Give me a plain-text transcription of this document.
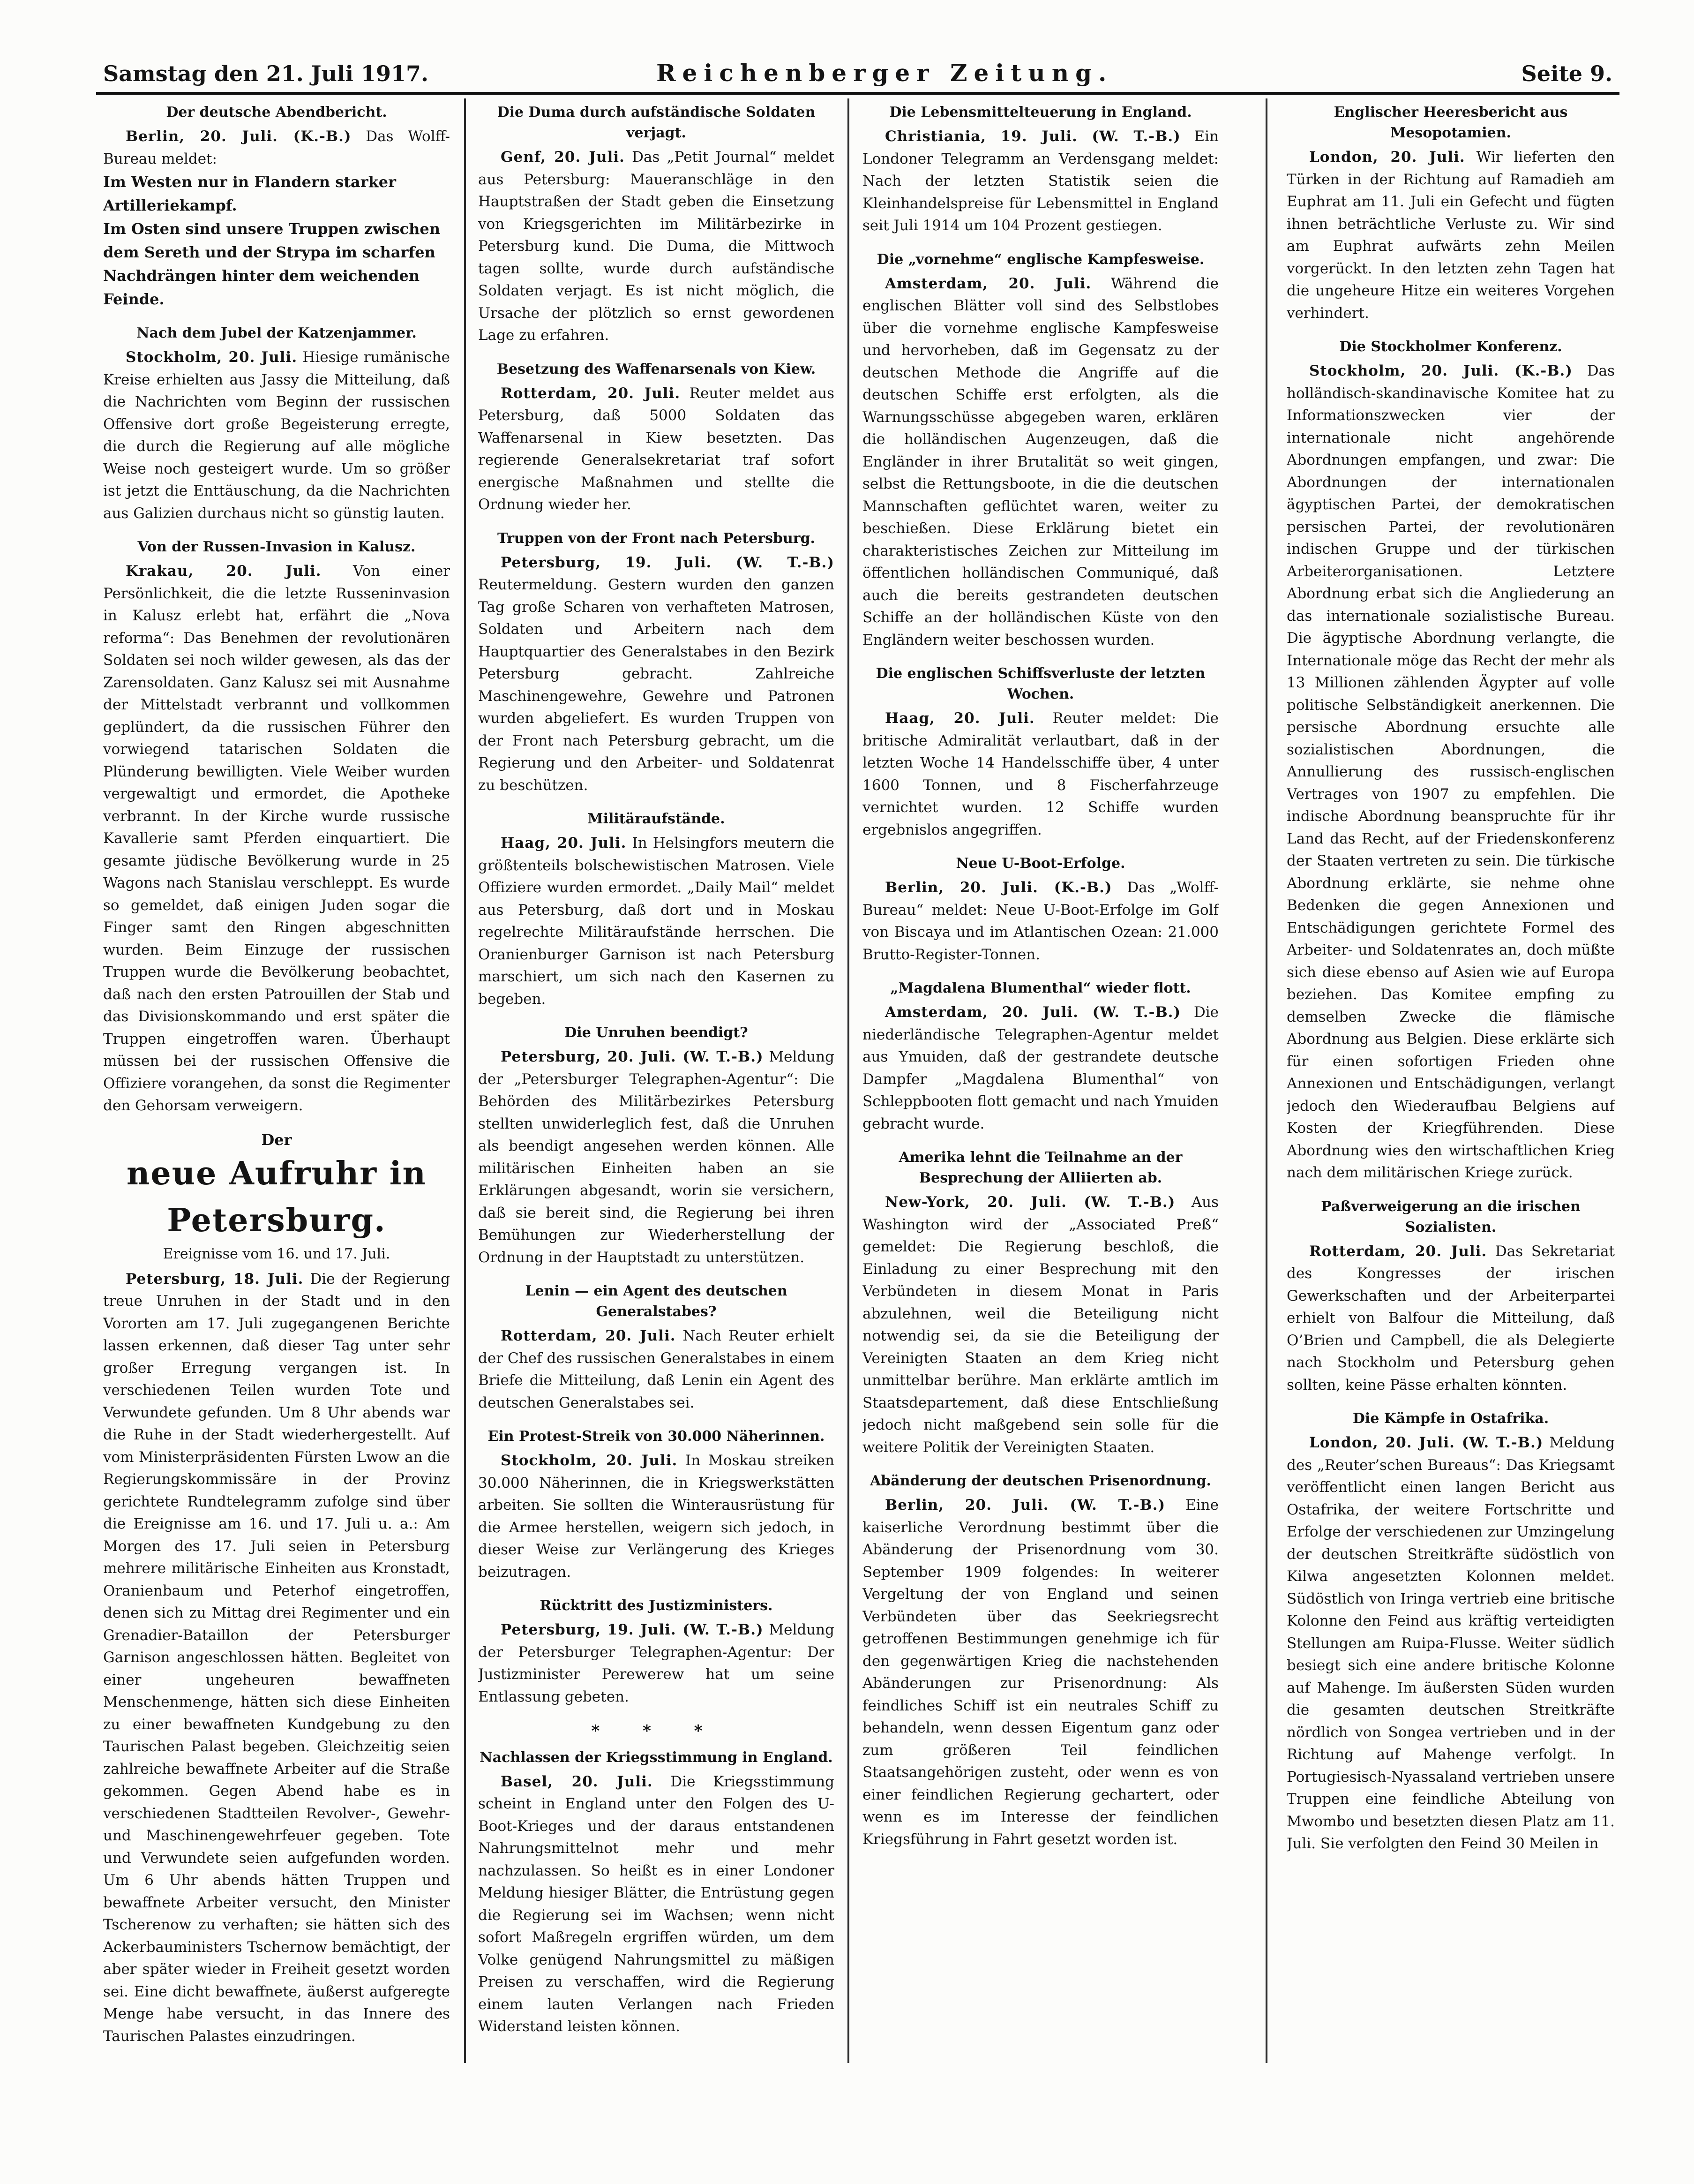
Samstag den 21. Juli 1917.	Reichenberger Zeitung.	Seite 9.
Der deutsche Abendbericht.

Berlin, 20. Juli. (K.-B.) Das Wolff-Bureau meldet:

Im Westen nur in Flandern starker Artilleriekampf.

Im Osten sind unsere Truppen zwischen dem Sereth und der Strypa im scharfen Nachdrängen hinter dem weichenden Feinde.

Nach dem Jubel der Katzenjammer.

Stockholm, 20. Juli. Hiesige rumänische Kreise erhielten aus Jassy die Mitteilung, daß die Nachrichten vom Beginn der russischen Offensive dort große Begeisterung erregte, die durch die Regierung auf alle mögliche Weise noch gesteigert wurde. Um so größer ist jetzt die Enttäuschung, da die Nachrichten aus Galizien durchaus nicht so günstig lauten.

Von der Russen-Invasion in Kalusz.

Krakau, 20. Juli. Von einer Persönlichkeit, die die letzte Russeninvasion in Kalusz erlebt hat, erfährt die „Nova reforma“: Das Benehmen der revolutionären Soldaten sei noch wilder gewesen, als das der Zarensoldaten. Ganz Kalusz sei mit Ausnahme der Mittelstadt verbrannt und vollkommen geplündert, da die russischen Führer den vorwiegend tatarischen Soldaten die Plünderung bewilligten. Viele Weiber wurden vergewaltigt und ermordet, die Apotheke verbrannt. In der Kirche wurde russische Kavallerie samt Pferden einquartiert. Die gesamte jüdische Bevölkerung wurde in 25 Wagons nach Stanislau verschleppt. Es wurde so gemeldet, daß einigen Juden sogar die Finger samt den Ringen abgeschnitten wurden. Beim Einzuge der russischen Truppen wurde die Bevölkerung beobachtet, daß nach den ersten Patrouillen der Stab und das Divisionskommando und erst später die Truppen eingetroffen waren. Überhaupt müssen bei der russischen Offensive die Offiziere vorangehen, da sonst die Regimenter den Gehorsam verweigern.

Der
neue Aufruhr in Petersburg.
Ereignisse vom 16. und 17. Juli.

Petersburg, 18. Juli. Die der Regierung treue Unruhen in der Stadt und in den Vororten am 17. Juli zugegangenen Berichte lassen erkennen, daß dieser Tag unter sehr großer Erregung vergangen ist. In verschiedenen Teilen wurden Tote und Verwundete gefunden. Um 8 Uhr abends war die Ruhe in der Stadt wiederhergestellt. Auf vom Ministerpräsidenten Fürsten Lwow an die Regierungskommissäre in der Provinz gerichtete Rundtelegramm zufolge sind über die Ereignisse am 16. und 17. Juli u. a.: Am Morgen des 17. Juli seien in Petersburg mehrere militärische Einheiten aus Kronstadt, Oranienbaum und Peterhof eingetroffen, denen sich zu Mittag drei Regimenter und ein Grenadier-Bataillon der Petersburger Garnison angeschlossen hätten. Begleitet von einer ungeheuren bewaffneten Menschenmenge, hätten sich diese Einheiten zu einer bewaffneten Kundgebung zu den Taurischen Palast begeben. Gleichzeitig seien zahlreiche bewaffnete Arbeiter auf die Straße gekommen. Gegen Abend habe es in verschiedenen Stadtteilen Revolver-, Gewehr- und Maschinengewehrfeuer gegeben. Tote und Verwundete seien aufgefunden worden. Um 6 Uhr abends hätten Truppen und bewaffnete Arbeiter versucht, den Minister Tscherenow zu verhaften; sie hätten sich des Ackerbauministers Tschernow bemächtigt, der aber später wieder in Freiheit gesetzt worden sei. Eine dicht bewaffnete, äußerst aufgeregte Menge habe versucht, in das Innere des Taurischen Palastes einzudringen.

Die Duma durch aufständische Soldaten verjagt.

Genf, 20. Juli. Das „Petit Journal“ meldet aus Petersburg: Maueranschläge in den Hauptstraßen der Stadt geben die Einsetzung von Kriegsgerichten im Militärbezirke in Petersburg kund. Die Duma, die Mittwoch tagen sollte, wurde durch aufständische Soldaten verjagt. Es ist nicht möglich, die Ursache der plötzlich so ernst gewordenen Lage zu erfahren.

Besetzung des Waffenarsenals von Kiew.

Rotterdam, 20. Juli. Reuter meldet aus Petersburg, daß 5000 Soldaten das Waffenarsenal in Kiew besetzten. Das regierende Generalsekretariat traf sofort energische Maßnahmen und stellte die Ordnung wieder her.

Truppen von der Front nach Petersburg.

Petersburg, 19. Juli. (W. T.-B.) Reutermeldung. Gestern wurden den ganzen Tag große Scharen von verhafteten Matrosen, Soldaten und Arbeitern nach dem Hauptquartier des Generalstabes in den Bezirk Petersburg gebracht. Zahlreiche Maschinengewehre, Gewehre und Patronen wurden abgeliefert. Es wurden Truppen von der Front nach Petersburg gebracht, um die Regierung und den Arbeiter- und Soldatenrat zu beschützen.

Militäraufstände.

Haag, 20. Juli. In Helsingfors meutern die größtenteils bolschewistischen Matrosen. Viele Offiziere wurden ermordet. „Daily Mail“ meldet aus Petersburg, daß dort und in Moskau regelrechte Militäraufstände herrschen. Die Oranienburger Garnison ist nach Petersburg marschiert, um sich nach den Kasernen zu begeben.

Die Unruhen beendigt?

Petersburg, 20. Juli. (W. T.-B.) Meldung der „Petersburger Telegraphen-Agentur“: Die Behörden des Militärbezirkes Petersburg stellten unwiderleglich fest, daß die Unruhen als beendigt angesehen werden können. Alle militärischen Einheiten haben an sie Erklärungen abgesandt, worin sie versichern, daß sie bereit sind, die Regierung bei ihren Bemühungen zur Wiederherstellung der Ordnung in der Hauptstadt zu unterstützen.

Lenin — ein Agent des deutschen Generalstabes?

Rotterdam, 20. Juli. Nach Reuter erhielt der Chef des russischen Generalstabes in einem Briefe die Mitteilung, daß Lenin ein Agent des deutschen Generalstabes sei.

Ein Protest-Streik von 30.000 Näherinnen.

Stockholm, 20. Juli. In Moskau streiken 30.000 Näherinnen, die in Kriegswerkstätten arbeiten. Sie sollten die Winterausrüstung für die Armee herstellen, weigern sich jedoch, in dieser Weise zur Verlängerung des Krieges beizutragen.

Rücktritt des Justizministers.

Petersburg, 19. Juli. (W. T.-B.) Meldung der Petersburger Telegraphen-Agentur: Der Justizminister Perewerew hat um seine Entlassung gebeten.

* * *
Nachlassen der Kriegsstimmung in England.

Basel, 20. Juli. Die Kriegsstimmung scheint in England unter den Folgen des U-Boot-Krieges und der daraus entstandenen Nahrungsmittelnot mehr und mehr nachzulassen. So heißt es in einer Londoner Meldung hiesiger Blätter, die Entrüstung gegen die Regierung sei im Wachsen; wenn nicht sofort Maßregeln ergriffen würden, um dem Volke genügend Nahrungsmittel zu mäßigen Preisen zu verschaffen, wird die Regierung einem lauten Verlangen nach Frieden Widerstand leisten können.

Die Lebensmittelteuerung in England.

Christiania, 19. Juli. (W. T.-B.) Ein Londoner Telegramm an Verdensgang meldet: Nach der letzten Statistik seien die Kleinhandelspreise für Lebensmittel in England seit Juli 1914 um 104 Prozent gestiegen.

Die „vornehme“ englische Kampfesweise.

Amsterdam, 20. Juli. Während die englischen Blätter voll sind des Selbstlobes über die vornehme englische Kampfesweise und hervorheben, daß im Gegensatz zu der deutschen Methode die Angriffe auf die deutschen Schiffe erst erfolgten, als die Warnungsschüsse abgegeben waren, erklären die holländischen Augenzeugen, daß die Engländer in ihrer Brutalität so weit gingen, selbst die Rettungsboote, in die die deutschen Mannschaften geflüchtet waren, weiter zu beschießen. Diese Erklärung bietet ein charakteristisches Zeichen zur Mitteilung im öffentlichen holländischen Communiqué, daß auch die bereits gestrandeten deutschen Schiffe an der holländischen Küste von den Engländern weiter beschossen wurden.

Die englischen Schiffsverluste der letzten Wochen.

Haag, 20. Juli. Reuter meldet: Die britische Admiralität verlautbart, daß in der letzten Woche 14 Handelsschiffe über, 4 unter 1600 Tonnen, und 8 Fischerfahrzeuge vernichtet wurden. 12 Schiffe wurden ergebnislos angegriffen.

Neue U-Boot-Erfolge.

Berlin, 20. Juli. (K.-B.) Das „Wolff-Bureau“ meldet: Neue U-Boot-Erfolge im Golf von Biscaya und im Atlantischen Ozean: 21.000 Brutto-Register-Tonnen.

„Magdalena Blumenthal“ wieder flott.

Amsterdam, 20. Juli. (W. T.-B.) Die niederländische Telegraphen-Agentur meldet aus Ymuiden, daß der gestrandete deutsche Dampfer „Magdalena Blumenthal“ von Schleppbooten flott gemacht und nach Ymuiden gebracht wurde.

Amerika lehnt die Teilnahme an der Besprechung der Alliierten ab.

New-York, 20. Juli. (W. T.-B.) Aus Washington wird der „Associated Preß“ gemeldet: Die Regierung beschloß, die Einladung zu einer Besprechung mit den Verbündeten in diesem Monat in Paris abzulehnen, weil die Beteiligung nicht notwendig sei, da sie die Beteiligung der Vereinigten Staaten an dem Krieg nicht unmittelbar berühre. Man erklärte amtlich im Staatsdepartement, daß diese Entschließung jedoch nicht maßgebend sein solle für die weitere Politik der Vereinigten Staaten.

Abänderung der deutschen Prisenordnung.

Berlin, 20. Juli. (W. T.-B.) Eine kaiserliche Verordnung bestimmt über die Abänderung der Prisenordnung vom 30. September 1909 folgendes: In weiterer Vergeltung der von England und seinen Verbündeten über das Seekriegsrecht getroffenen Bestimmungen genehmige ich für den gegenwärtigen Krieg die nachstehenden Abänderungen zur Prisenordnung: Als feindliches Schiff ist ein neutrales Schiff zu behandeln, wenn dessen Eigentum ganz oder zum größeren Teil feindlichen Staatsangehörigen zusteht, oder wenn es von einer feindlichen Regierung gechartert, oder wenn es im Interesse der feindlichen Kriegsführung in Fahrt gesetzt worden ist.

Englischer Heeresbericht aus Mesopotamien.

London, 20. Juli. Wir lieferten den Türken in der Richtung auf Ramadieh am Euphrat am 11. Juli ein Gefecht und fügten ihnen beträchtliche Verluste zu. Wir sind am Euphrat aufwärts zehn Meilen vorgerückt. In den letzten zehn Tagen hat die ungeheure Hitze ein weiteres Vorgehen verhindert.

Die Stockholmer Konferenz.

Stockholm, 20. Juli. (K.-B.) Das holländisch-skandinavische Komitee hat zu Informationszwecken vier der internationale nicht angehörende Abordnungen empfangen, und zwar: Die Abordnungen der internationalen ägyptischen Partei, der demokratischen persischen Partei, der revolutionären indischen Gruppe und der türkischen Arbeiterorganisationen. Letztere Abordnung erbat sich die Angliederung an das internationale sozialistische Bureau. Die ägyptische Abordnung verlangte, die Internationale möge das Recht der mehr als 13 Millionen zählenden Ägypter auf volle politische Selbständigkeit anerkennen. Die persische Abordnung ersuchte alle sozialistischen Abordnungen, die Annullierung des russisch-englischen Vertrages von 1907 zu empfehlen. Die indische Abordnung beanspruchte für ihr Land das Recht, auf der Friedenskonferenz der Staaten vertreten zu sein. Die türkische Abordnung erklärte, sie nehme ohne Bedenken die gegen Annexionen und Entschädigungen gerichtete Formel des Arbeiter- und Soldatenrates an, doch müßte sich diese ebenso auf Asien wie auf Europa beziehen. Das Komitee empfing zu demselben Zwecke die flämische Abordnung aus Belgien. Diese erklärte sich für einen sofortigen Frieden ohne Annexionen und Entschädigungen, verlangt jedoch den Wiederaufbau Belgiens auf Kosten der Kriegführenden. Diese Abordnung wies den wirtschaftlichen Krieg nach dem militärischen Kriege zurück.

Paßverweigerung an die irischen Sozialisten.

Rotterdam, 20. Juli. Das Sekretariat des Kongresses der irischen Gewerkschaften und der Arbeiterpartei erhielt von Balfour die Mitteilung, daß O’Brien und Campbell, die als Delegierte nach Stockholm und Petersburg gehen sollten, keine Pässe erhalten könnten.

Die Kämpfe in Ostafrika.

London, 20. Juli. (W. T.-B.) Meldung des „Reuter’schen Bureaus“: Das Kriegsamt veröffentlicht einen langen Bericht aus Ostafrika, der weitere Fortschritte und Erfolge der verschiedenen zur Umzingelung der deutschen Streitkräfte südöstlich von Kilwa angesetzten Kolonnen meldet. Südöstlich von Iringa vertrieb eine britische Kolonne den Feind aus kräftig verteidigten Stellungen am Ruipa-Flusse. Weiter südlich besiegt sich eine andere britische Kolonne auf Mahenge. Im äußersten Süden wurden die gesamten deutschen Streitkräfte nördlich von Songea vertrieben und in der Richtung auf Mahenge verfolgt. In Portugiesisch-Nyassaland vertrieben unsere Truppen eine feindliche Abteilung von Mwombo und besetzten diesen Platz am 11. Juli. Sie verfolgten den Feind 30 Meilen in
